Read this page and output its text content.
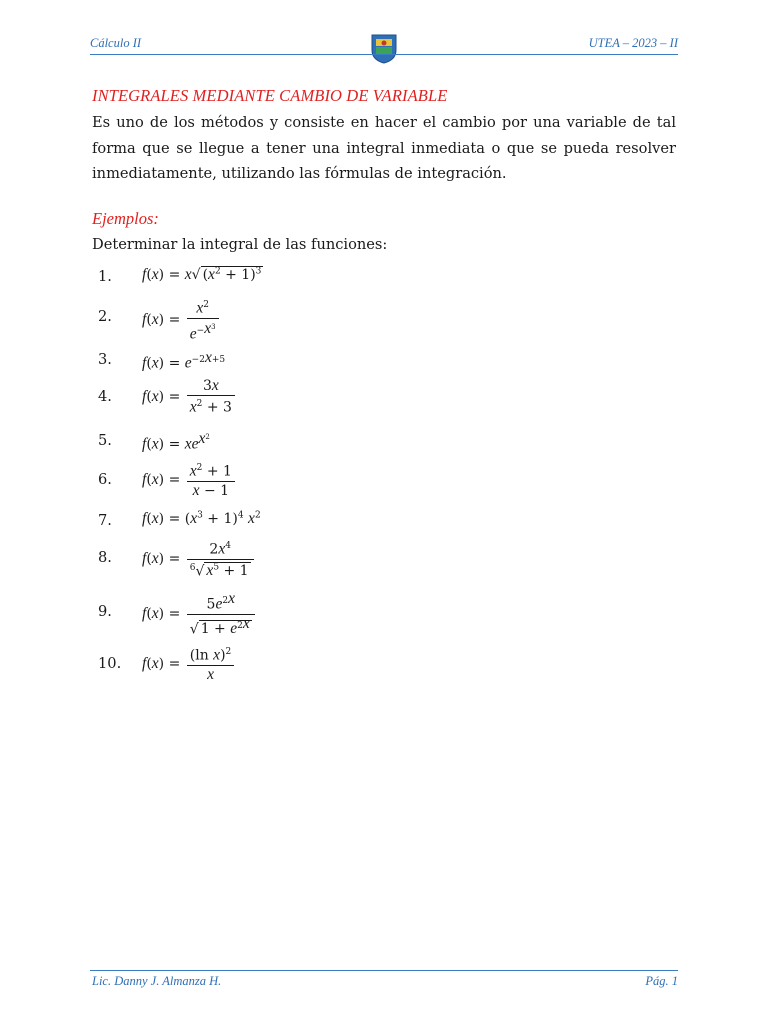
Cálculo II	UTEA – 2023 – II
INTEGRALES MEDIANTE CAMBIO DE VARIABLE
Es uno de los métodos y consiste en hacer el cambio por una variable de tal forma que se llegue a tener una integral inmediata o que se pueda resolver inmediatamente, utilizando las fórmulas de integración.
Ejemplos:
Determinar la integral de las funciones:
1. f(x) = x√ $(x^2 + 1)^3$
2. $f(x) = \frac{x^2}{e^{-x^3}}$
3. $f(x) = e^{-2x+5}$
4. $f(x) = \frac{3x}{x^2 + 3}$
5. $f(x) = xe^{x^2}$
6. $f(x) = \frac{x^2 + 1}{x - 1}$
7. $f(x) = (x^3 + 1)^4$ $x^2$
8. $f(x) = \frac{2x^4}{^6√ x^5 + 1}$
9. $f(x) = \frac{5e^{2x}}{√ 1 + e^{2x}}$
10. $f(x) = \frac{(\ln x)^2}{x}$
Lic. Danny J. Almanza H.	Pág. 1
